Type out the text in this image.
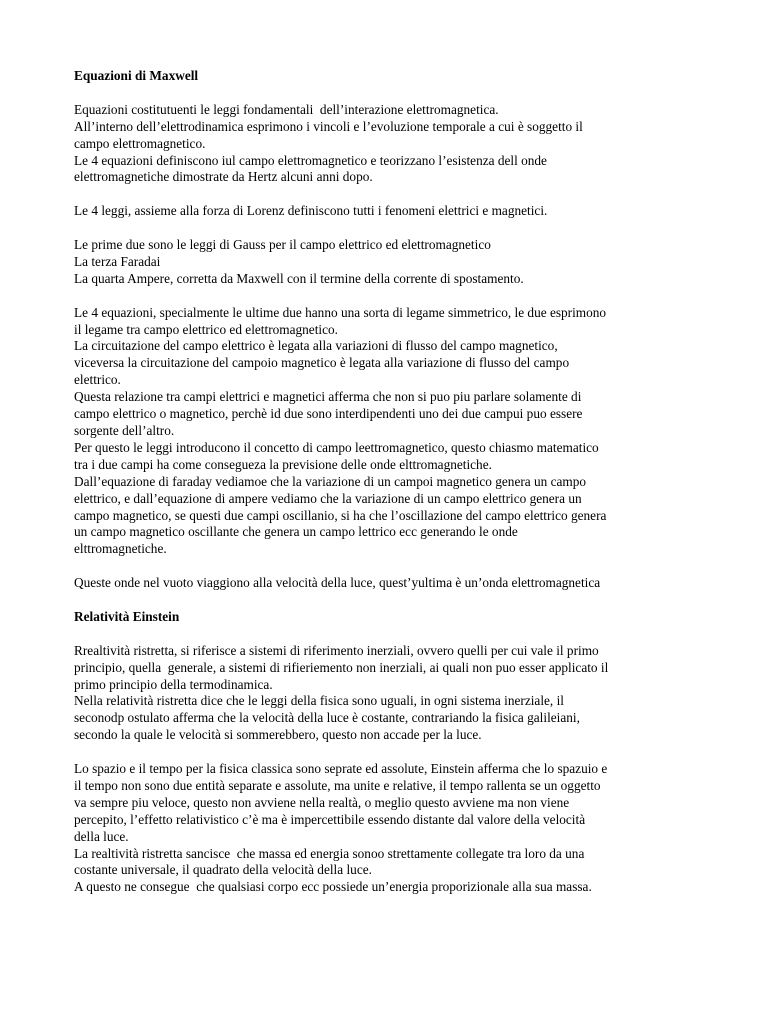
Equazioni di Maxwell
Equazioni costitutuenti le leggi fondamentali  dell’interazione elettromagnetica.
All’interno dell’elettrodinamica esprimono i vincoli e l’evoluzione temporale a cui è soggetto il
campo elettromagnetico.
Le 4 equazioni definiscono iul campo elettromagnetico e teorizzano l’esistenza dell onde
elettromagnetiche dimostrate da Hertz alcuni anni dopo.
Le 4 leggi, assieme alla forza di Lorenz definiscono tutti i fenomeni elettrici e magnetici.
Le prime due sono le leggi di Gauss per il campo elettrico ed elettromagnetico
La terza Faradai
La quarta Ampere, corretta da Maxwell con il termine della corrente di spostamento.
Le 4 equazioni, specialmente le ultime due hanno una sorta di legame simmetrico, le due esprimono
il legame tra campo elettrico ed elettromagnetico.
La circuitazione del campo elettrico è legata alla variazioni di flusso del campo magnetico,
viceversa la circuitazione del campoio magnetico è legata alla variazione di flusso del campo
elettrico.
Questa relazione tra campi elettrici e magnetici afferma che non si puo piu parlare solamente di
campo elettrico o magnetico, perchè id due sono interdipendenti uno dei due campui puo essere
sorgente dell’altro.
Per questo le leggi introducono il concetto di campo leettromagnetico, questo chiasmo matematico
tra i due campi ha come consegueza la previsione delle onde elttromagnetiche.
Dall’equazione di faraday vediamoe che la variazione di un campoi magnetico genera un campo
elettrico, e dall’equazione di ampere vediamo che la variazione di un campo elettrico genera un
campo magnetico, se questi due campi oscillanio, si ha che l’oscillazione del campo elettrico genera
un campo magnetico oscillante che genera un campo lettrico ecc generando le onde
elttromagnetiche.
Queste onde nel vuoto viaggiono alla velocità della luce, quest’yultima è un’onda elettromagnetica
Relatività Einstein
Rrealtività ristretta, si riferisce a sistemi di riferimento inerziali, ovvero quelli per cui vale il primo
principio, quella  generale, a sistemi di rifieriemento non inerziali, ai quali non puo esser applicato il
primo principio della termodinamica.
Nella relatività ristretta dice che le leggi della fisica sono uguali, in ogni sistema inerziale, il
seconodp ostulato afferma che la velocità della luce è costante, contrariando la fisica galileiani,
secondo la quale le velocità si sommerebbero, questo non accade per la luce.
Lo spazio e il tempo per la fisica classica sono seprate ed assolute, Einstein afferma che lo spazuio e
il tempo non sono due entità separate e assolute, ma unite e relative, il tempo rallenta se un oggetto
va sempre piu veloce, questo non avviene nella realtà, o meglio questo avviene ma non viene
percepito, l’effetto relativistico c’è ma è impercettibile essendo distante dal valore della velocità
della luce.
La realtività ristretta sancisce  che massa ed energia sonoo strettamente collegate tra loro da una
costante universale, il quadrato della velocità della luce.
A questo ne consegue  che qualsiasi corpo ecc possiede un’energia proporizionale alla sua massa.
